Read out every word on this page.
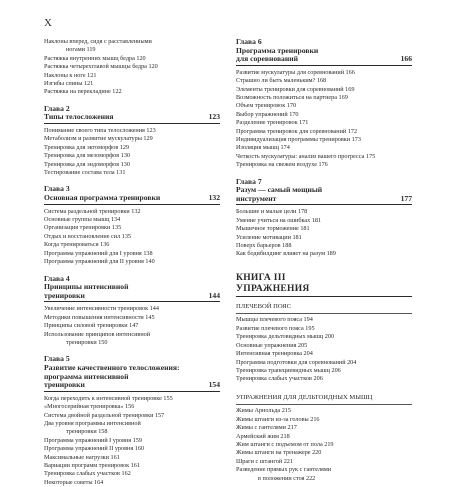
X
Наклоны вперед, сидя с расставленными
ногами 119
Растяжка внутренних мышц бедра 120
Растяжка четырехглавой мышцы бедра 120
Наклоны к ноге 121
Изгибы спины 121
Растяжка на перекладине 122
Глава 2
Типы телосложения	123
Понимание своего типа телосложения 123
Метаболизм и развитие мускулатуры 129
Тренировка для эктоморфов 129
Тренировка для мезоморфов 130
Тренировка для эндоморфов 130
Тестирование состава тела 131
Глава 3
Основная программа тренировки	132
Система раздельной тренировки 132
Основные группы мышц 134
Организация тренировки 135
Отдых и восстановление сил 135
Когда тренироваться 136
Программа упражнений для I уровня 138
Программа упражнений для II уровня 140
Глава 4
Принципы интенсивной
тренировки	144
Увеличение интенсивности тренировок 144
Методики повышения интенсивности 145
Принципы силовой тренировки 147
Использование принципов интенсивной
тренировки 150
Глава 5
Развитие качественного телосложения:
программа интенсивной
тренировки	154
Когда переходить к интенсивной тренировке 155
«Многосерийная тренировка» 156
Система двойной раздельной тренировки 157
Два уровня программы интенсивной
тренировки 158
Программа упражнений I уровня 159
Программа упражнений II уровня 160
Максимальные нагрузки 161
Вариации программ тренировок 161
Тренировка слабых участков 162
Некоторые советы 164
Глава 6
Программа тренировки
для соревнований	166
Развитие мускулатуры для соревнований 166
Страшно ли быть маленьким? 168
Элементы тренировки для соревнований 169
Возможность положиться на партнера 169
Объем тренировок 170
Выбор упражнений 170
Разделение тренировок 171
Программа тренировок для соревнований 172
Индивидуализация программы тренировки 173
Изоляция мышц 174
Четкость мускулатуры: анализ вашего прогресса 175
Тренировка на свежем воздухе 176
Глава 7
Разум — самый мощный
инструмент	177
Большие и малые цели 178
Умение учиться на ошибках 181
Мышечное торможение 181
Усиление мотивации 181
Поверх барьеров 188
Как бодибилдинг влияет на разум 189
КНИГА III
УПРАЖНЕНИЯ
ПЛЕЧЕВОЙ ПОЯС
Мышцы плечевого пояса 194
Развитие плечевого пояса 195
Тренировка дельтовидных мышц 200
Основные упражнения 205
Интенсивная тренировка 204
Программа подготовки для соревнований 204
Тренировка трапециевидных мышц 206
Тренировка слабых участков 206
УПРАЖНЕНИЯ ДЛЯ ДЕЛЬТОИДНЫХ МЫШЦ
Жимы Арнольда 215
Жимы штанги из-за головы 216
Жимы с гантелями 217
Армейский жим 218
Жим штанги с подъемом от пола 219
Жимы штанги на тренажере 220
Шраги с штангой 221
Разведение прямых рук с гантелями
в положении стоя 222
